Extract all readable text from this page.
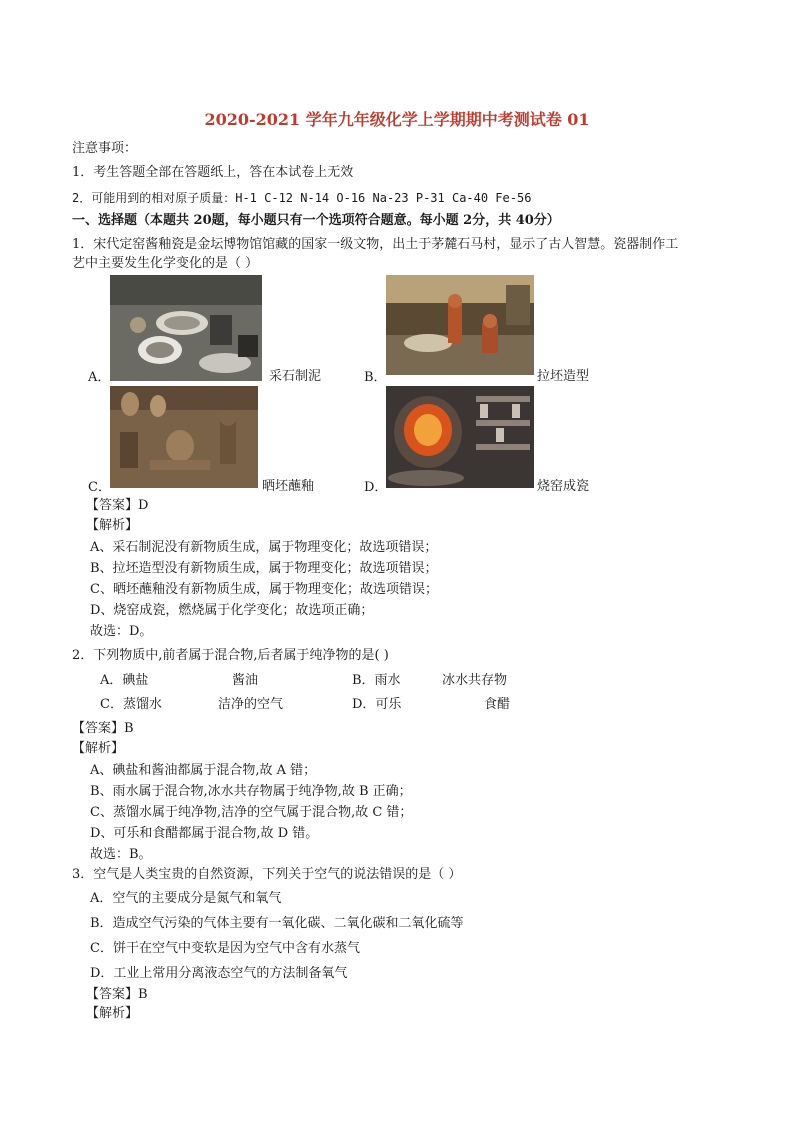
2020-2021 学年九年级化学上学期期中考测试卷 01
注意事项：
1．考生答题全部在答题纸上，答在本试卷上无效
2．可能用到的相对原子质量：H-1 C-12 N-14 O-16 Na-23 P-31 Ca-40 Fe-56
一、选择题（本题共 20题，每小题只有一个选项符合题意。每小题 2分，共 40分）
1．宋代定窑酱釉瓷是金坛博物馆馆藏的国家一级文物，出土于茅麓石马村，显示了古人智慧。瓷器制作工
艺中主要发生化学变化的是（ ）
A．	采石制泥	B．	拉坯造型
C．	晒坯蘸釉	D．	烧窑成瓷
【答案】D
【解析】
A、采石制泥没有新物质生成，属于物理变化；故选项错误；
B、拉坯造型没有新物质生成，属于物理变化；故选项错误；
C、晒坯蘸釉没有新物质生成，属于物理变化；故选项错误；
D、烧窑成瓷，燃烧属于化学变化；故选项正确；
故选：D。
2．下列物质中,前者属于混合物,后者属于纯净物的是( )
A．碘盐	酱油	B．雨水	冰水共存物
C．蒸馏水	洁净的空气	D．可乐	食醋
【答案】B
【解析】
A、碘盐和酱油都属于混合物,故 A 错；
B、雨水属于混合物,冰水共存物属于纯净物,故 B 正确；
C、蒸馏水属于纯净物,洁净的空气属于混合物,故 C 错；
D、可乐和食醋都属于混合物,故 D 错。
故选：B。
3．空气是人类宝贵的自然资源，下列关于空气的说法错误的是（ ）
A．空气的主要成分是氮气和氧气
B．造成空气污染的气体主要有一氧化碳、二氧化碳和二氧化硫等
C．饼干在空气中变软是因为空气中含有水蒸气
D．工业上常用分离液态空气的方法制备氧气
【答案】B
【解析】
